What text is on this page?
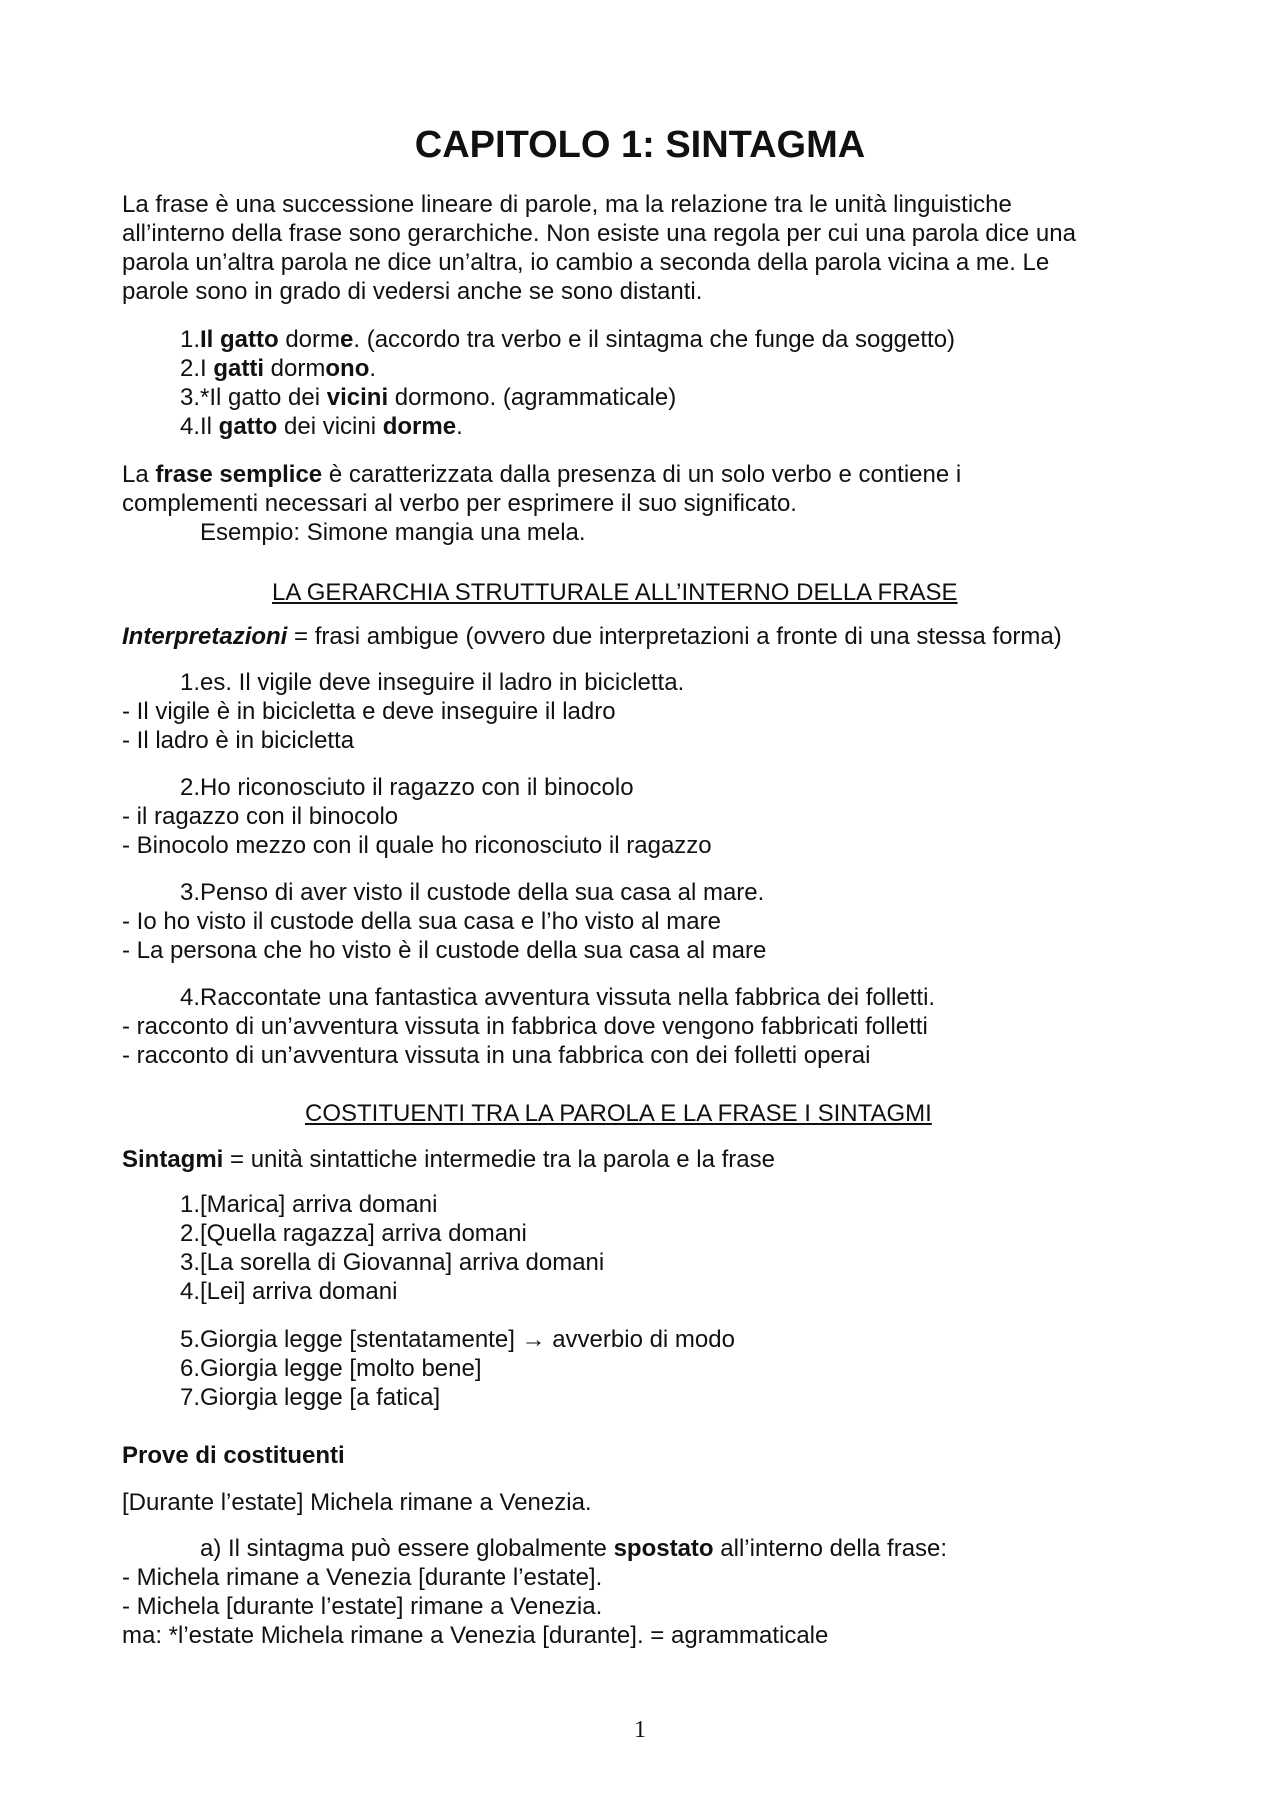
CAPITOLO 1: SINTAGMA
La frase è una successione lineare di parole, ma la relazione tra le unità linguistiche
all’interno della frase sono gerarchiche. Non esiste una regola per cui una parola dice una
parola un’altra parola ne dice un’altra, io cambio a seconda della parola vicina a me. Le
parole sono in grado di vedersi anche se sono distanti.
1. Il gatto dorme. (accordo tra verbo e il sintagma che funge da soggetto)
2. I gatti dormono.
3. *Il gatto dei vicini dormono. (agrammaticale)
4. Il gatto dei vicini dorme.
La frase semplice è caratterizzata dalla presenza di un solo verbo e contiene i
complementi necessari al verbo per esprimere il suo significato.
Esempio: Simone mangia una mela.
LA GERARCHIA STRUTTURALE ALL’INTERNO DELLA FRASE
Interpretazioni = frasi ambigue (ovvero due interpretazioni a fronte di una stessa forma)
1. es. Il vigile deve inseguire il ladro in bicicletta.
- Il vigile è in bicicletta e deve inseguire il ladro
- Il ladro è in bicicletta
2. Ho riconosciuto il ragazzo con il binocolo
- il ragazzo con il binocolo
- Binocolo mezzo con il quale ho riconosciuto il ragazzo
3. Penso di aver visto il custode della sua casa al mare.
- Io ho visto il custode della sua casa e l’ho visto al mare
- La persona che ho visto è il custode della sua casa al mare
4. Raccontate una fantastica avventura vissuta nella fabbrica dei folletti.
- racconto di un’avventura vissuta in fabbrica dove vengono fabbricati folletti
- racconto di un’avventura vissuta in una fabbrica con dei folletti operai
COSTITUENTI TRA LA PAROLA E LA FRASE I SINTAGMI
Sintagmi = unità sintattiche intermedie tra la parola e la frase
1. [Marica] arriva domani
2. [Quella ragazza] arriva domani
3. [La sorella di Giovanna] arriva domani
4. [Lei] arriva domani
5. Giorgia legge [stentatamente] → avverbio di modo
6. Giorgia legge [molto bene]
7. Giorgia legge [a fatica]
Prove di costituenti
[Durante l’estate] Michela rimane a Venezia.
a) Il sintagma può essere globalmente spostato all’interno della frase:
- Michela rimane a Venezia [durante l’estate].
- Michela [durante l’estate] rimane a Venezia.
ma: *l’estate Michela rimane a Venezia [durante]. = agrammaticale
1
